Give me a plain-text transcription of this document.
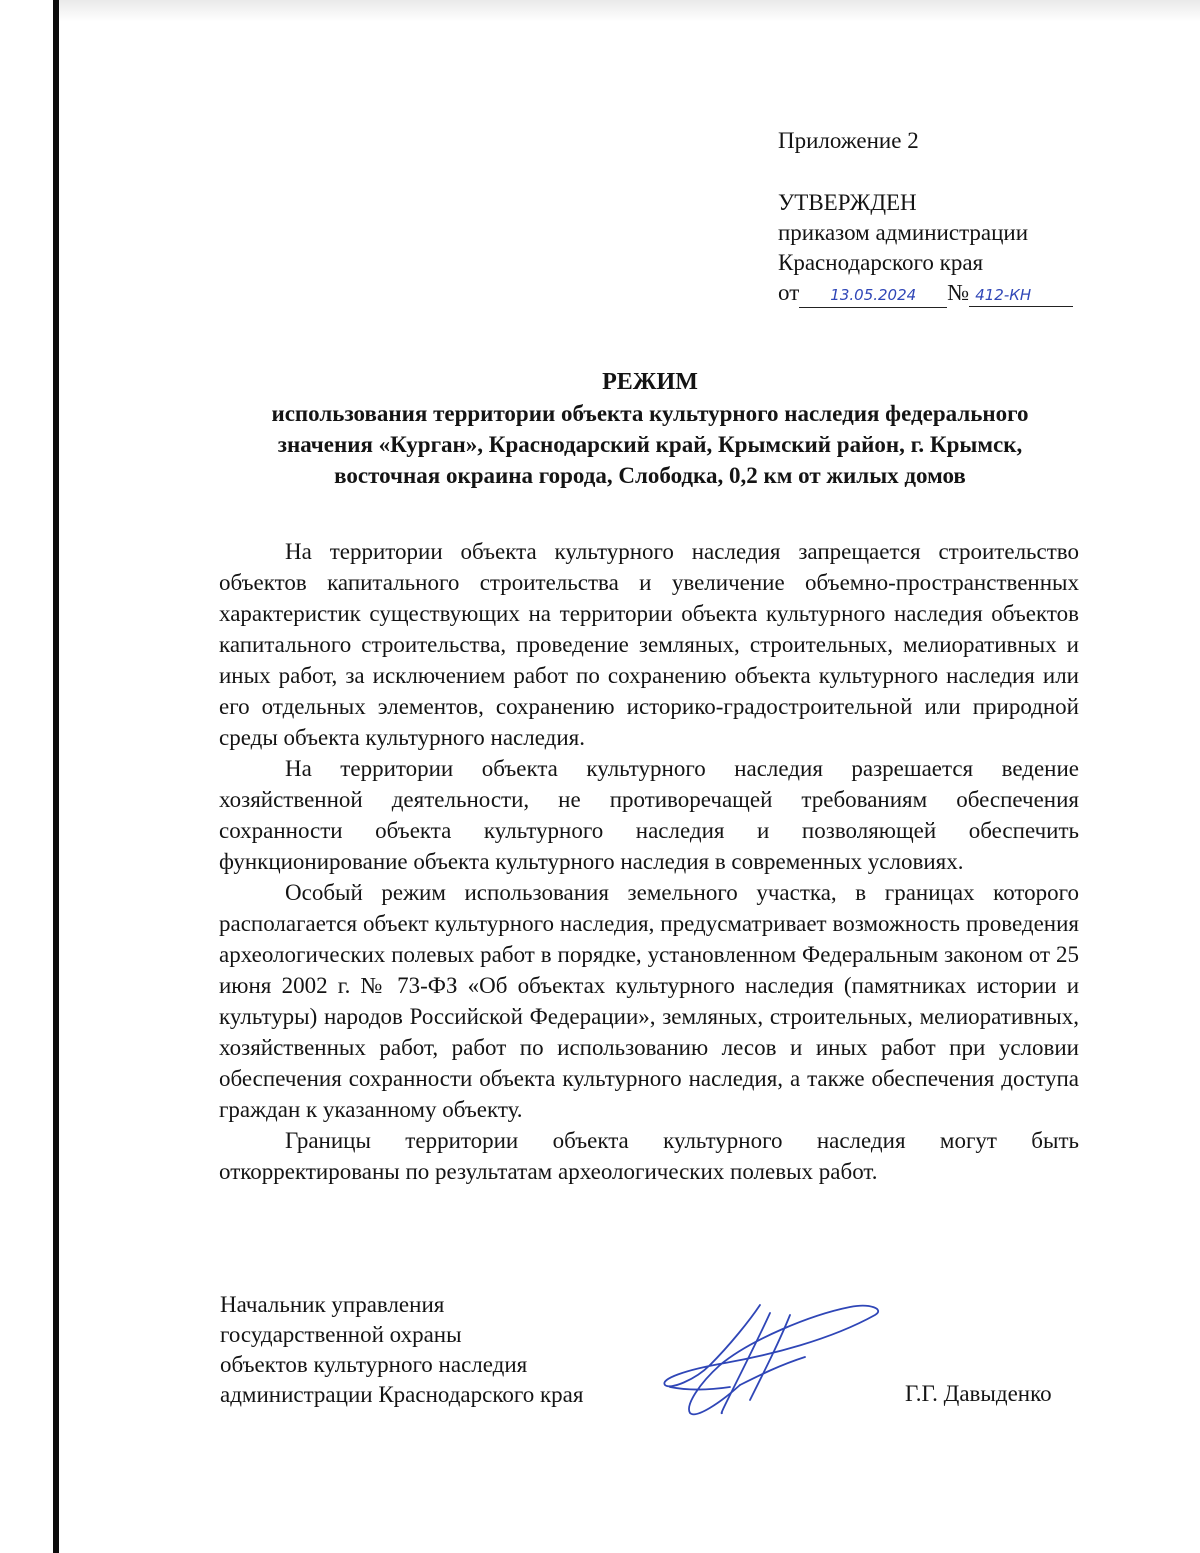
Приложение 2
УТВЕРЖДЕН
приказом администрации
Краснодарского края
от 13.05.2024 № 412-КН
РЕЖИМ
использования территории объекта культурного наследия федерального
значения «Курган», Краснодарский край, Крымский район, г. Крымск,
восточная окраина города, Слободка, 0,2 км от жилых домов

На территории объекта культурного наследия запрещается строительство объектов капитального строительства и увеличение объемно-пространственных характеристик существующих на территории объекта культурного наследия объектов капитального строительства, проведение земляных, строительных, мелиоративных и иных работ, за исключением работ по сохранению объекта культурного наследия или его отдельных элементов, сохранению историко-градостроительной или природной среды объекта культурного наследия.

На территории объекта культурного наследия разрешается ведение хозяйственной деятельности, не противоречащей требованиям обеспечения сохранности объекта культурного наследия и позволяющей обеспечить функционирование объекта культурного наследия в современных условиях.

Особый режим использования земельного участка, в границах которого располагается объект культурного наследия, предусматривает возможность проведения археологических полевых работ в порядке, установленном Федеральным законом от 25 июня 2002 г. № 73-ФЗ «Об объектах культурного наследия (памятниках истории и культуры) народов Российской Федерации», земляных, строительных, мелиоративных, хозяйственных работ, работ по использованию лесов и иных работ при условии обеспечения сохранности объекта культурного наследия, а также обеспечения доступа граждан к указанному объекту.

Границы территории объекта культурного наследия могут быть откорректированы по результатам археологических полевых работ.

Начальник управления
государственной охраны
объектов культурного наследия
администрации Краснодарского края	Г.Г. Давыденко
